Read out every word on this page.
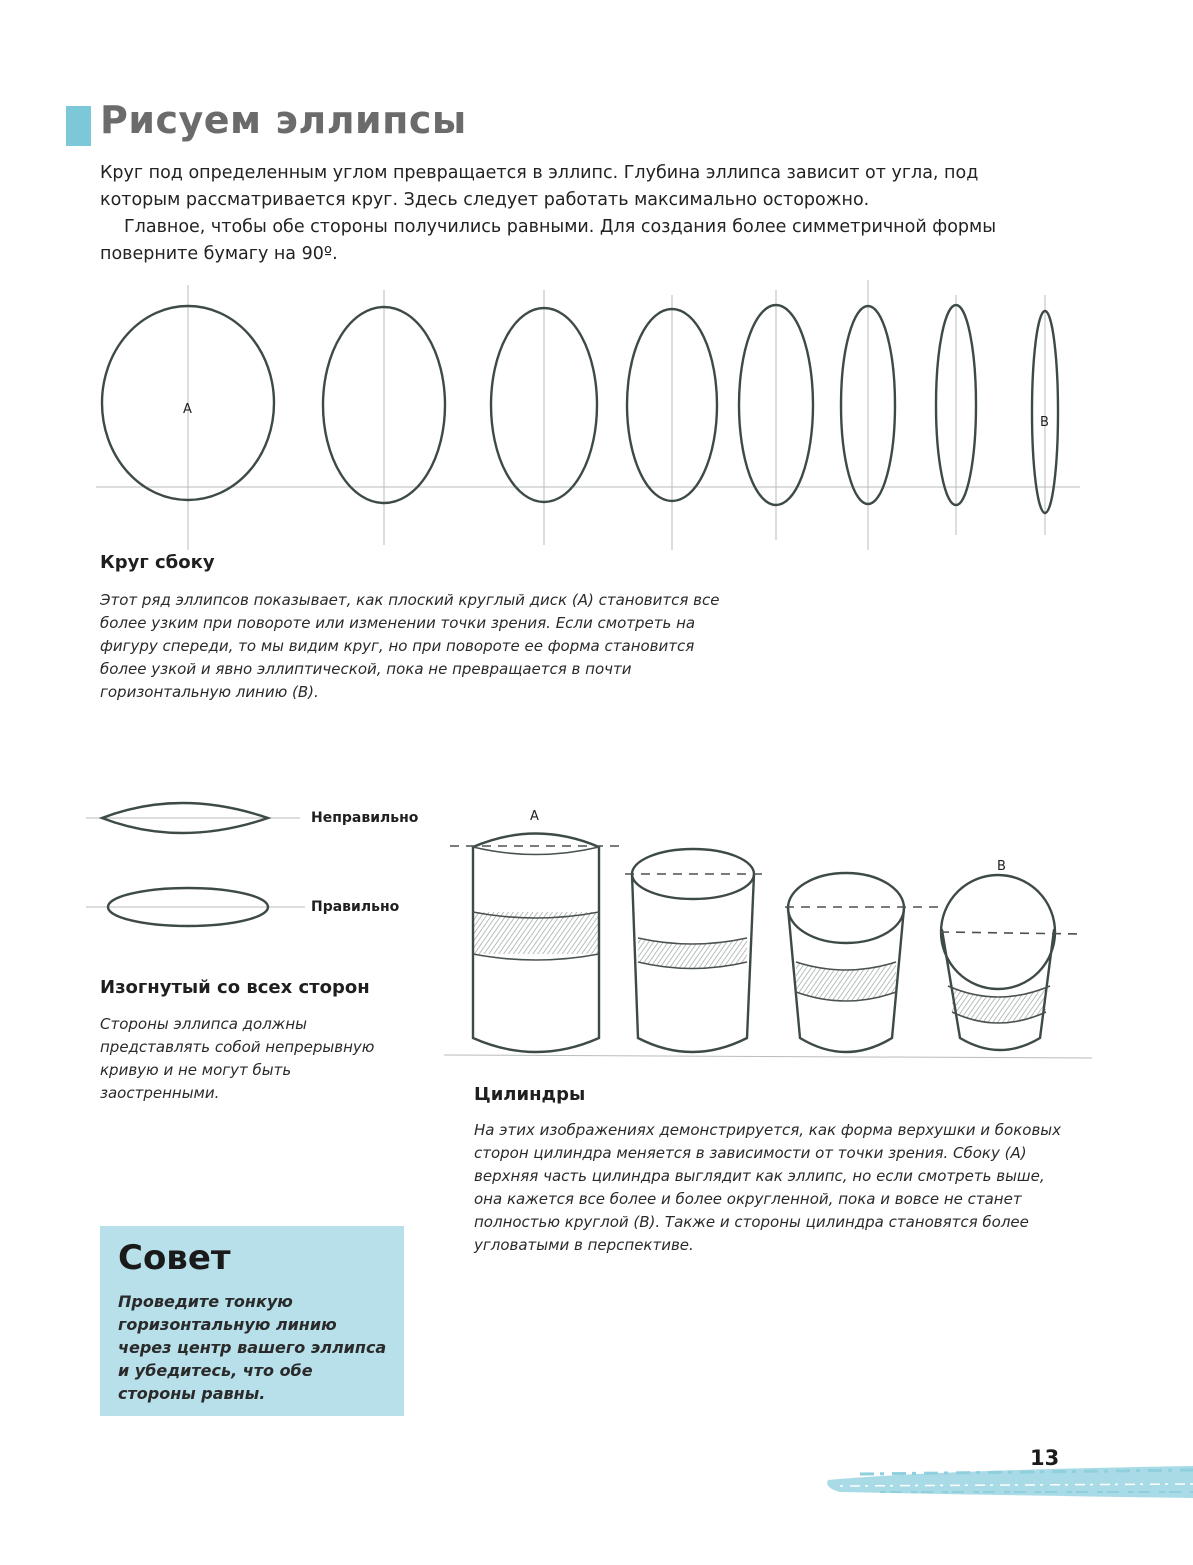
Рисуем эллипсы

Круг под определенным углом превращается в эллипс. Глубина эллипса зависит от угла, под которым рассматривается круг. Здесь следует работать максимально осторожно.

Главное, чтобы обе стороны получились равными. Для создания более симметричной формы поверните бумагу на 90º.

A
B
Круг сбоку
Этот ряд эллипсов показывает, как плоский круглый диск (A) становится все более узким при повороте или изменении точки зрения. Если смотреть на фигуру спереди, то мы видим круг, но при повороте ее форма становится более узкой и явно эллиптической, пока не превращается в почти горизонтальную линию (B).
Неправильно
Правильно
Изогнутый со всех сторон
Стороны эллипса должны представлять собой непрерывную кривую и не могут быть заостренными.
A
B
Цилиндры
На этих изображениях демонстрируется, как форма верхушки и боковых сторон цилиндра меняется в зависимости от точки зрения. Сбоку (A) верхняя часть цилиндра выглядит как эллипс, но если смотреть выше, она кажется все более и более округленной, пока и вовсе не станет полностью круглой (B). Также и стороны цилиндра становятся более угловатыми в перспективе.
Совет
Проведите тонкую горизонтальную линию через центр вашего эллипса и убедитесь, что обе стороны равны.
13
